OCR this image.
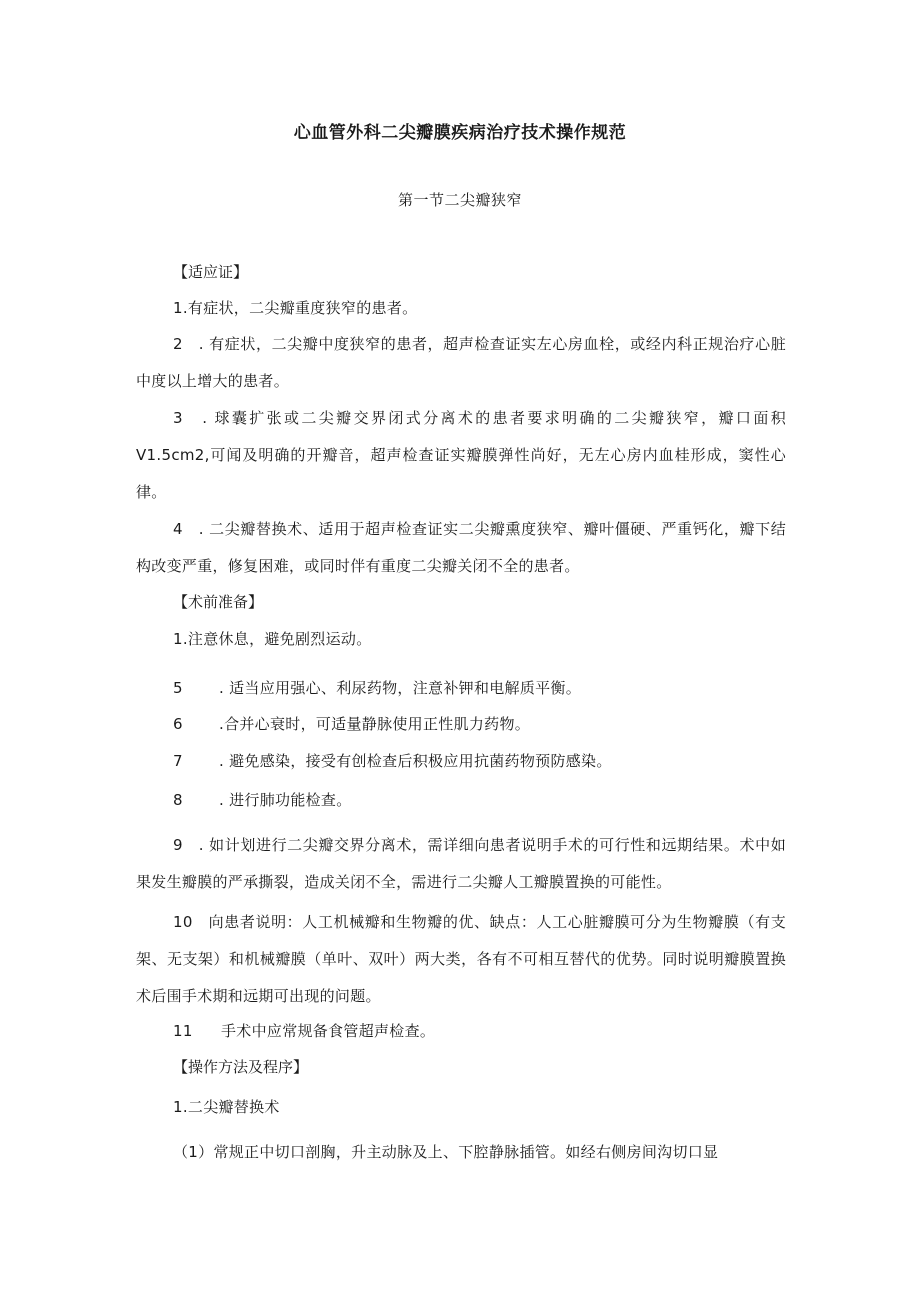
心血管外科二尖瓣膜疾病治疗技术操作规范
第一节二尖瓣狭窄
【适应证】
1.有症状，二尖瓣重度狭窄的患者。
2　. 有症状，二尖瓣中度狭窄的患者，超声检查证实左心房血栓，或经内科正规治疗心脏中度以上增大的患者。
3　. 球囊扩张或二尖瓣交界闭式分离术的患者要求明确的二尖瓣狭窄，瓣口面积V1.5cm2,可闻及明确的开瓣音，超声检查证实瓣膜弹性尚好，无左心房内血桂形成，窦性心律。
4　. 二尖瓣替换术、适用于超声检查证实二尖瓣熏度狭窄、瓣叶僵硬、严重钙化，瓣下结构改变严重，修复困难，或同时伴有重度二尖瓣关闭不全的患者。
【术前准备】
1.注意休息，避免剧烈运动。
5 . 适当应用强心、利尿药物，注意补钾和电解质平衡。
6 .合并心衰时，可适量静脉使用正性肌力药物。
7 . 避免感染，接受有创检查后积极应用抗菌药物预防感染。
8 . 进行肺功能检查。
9　. 如计划进行二尖瓣交界分离术，需详细向患者说明手术的可行性和远期结果。术中如果发生瓣膜的严承撕裂，造成关闭不全，需进行二尖瓣人工瓣膜置换的可能性。
10　向患者说明：人工机械瓣和生物瓣的优、缺点：人工心脏瓣膜可分为生物瓣膜（有支架、无支架）和机械瓣膜（单叶、双叶）两大类，各有不可相互替代的优势。同时说明瓣膜置换术后围手术期和远期可出现的问题。
11 手术中应常规备食管超声检查。
【操作方法及程序】
1.二尖瓣替换术
（1）常规正中切口剖胸，升主动脉及上、下腔静脉插管。如经右侧房间沟切口显
